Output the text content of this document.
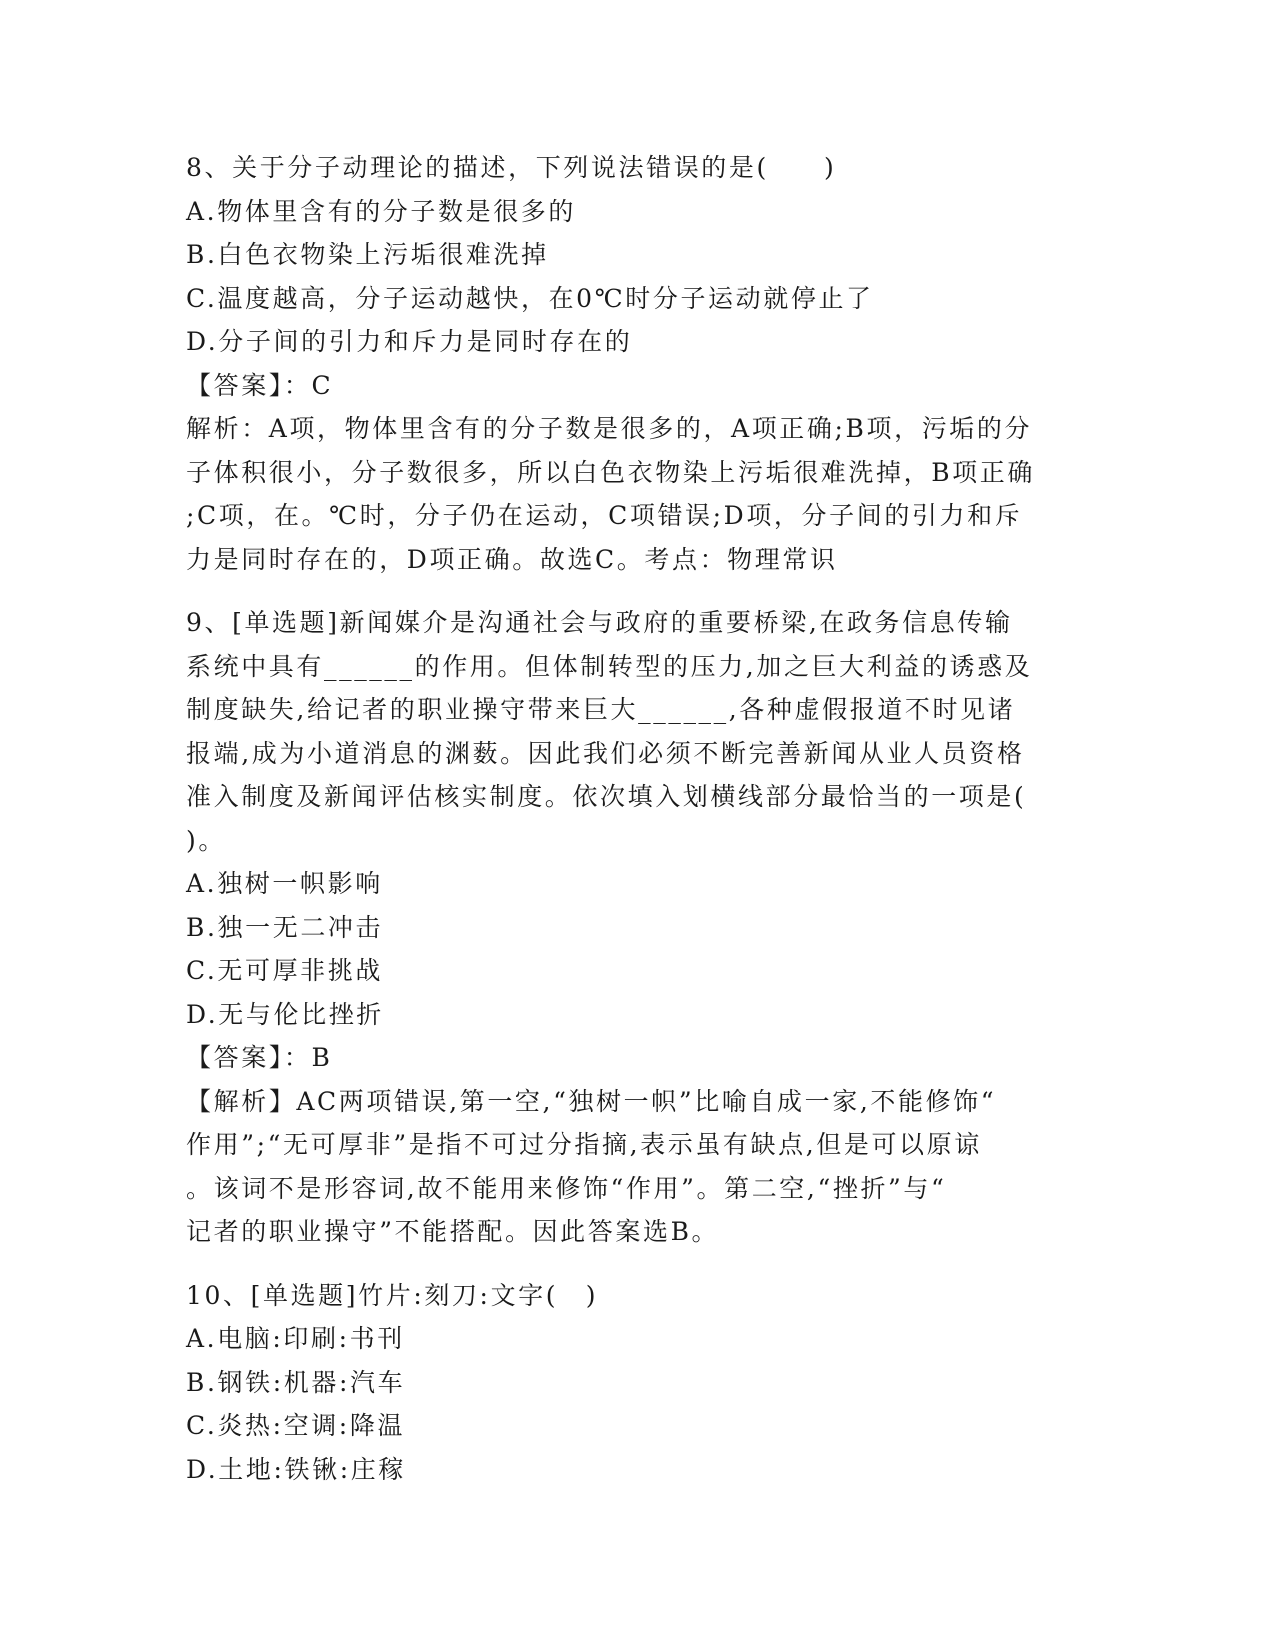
8、关于分子动理论的描述，下列说法错误的是(　　)

A.物体里含有的分子数是很多的

B.白色衣物染上污垢很难洗掉

C.温度越高，分子运动越快，在0℃时分子运动就停止了

D.分子间的引力和斥力是同时存在的

【答案】：C

解析：A项，物体里含有的分子数是很多的，A项正确;B项，污垢的分

子体积很小，分子数很多，所以白色衣物染上污垢很难洗掉，B项正确

;C项，在。℃时，分子仍在运动，C项错误;D项，分子间的引力和斥

力是同时存在的，D项正确。故选C。考点：物理常识

9、[单选题]新闻媒介是沟通社会与政府的重要桥梁,在政务信息传输

系统中具有______的作用。但体制转型的压力,加之巨大利益的诱惑及

制度缺失,给记者的职业操守带来巨大______,各种虚假报道不时见诸

报端,成为小道消息的渊薮。因此我们必须不断完善新闻从业人员资格

准入制度及新闻评估核实制度。依次填入划横线部分最恰当的一项是(

)。

A.独树一帜影响

B.独一无二冲击

C.无可厚非挑战

D.无与伦比挫折

【答案】：B

【解析】AC两项错误,第一空,“独树一帜”比喻自成一家,不能修饰“

作用”;“无可厚非”是指不可过分指摘,表示虽有缺点,但是可以原谅

。该词不是形容词,故不能用来修饰“作用”。第二空,“挫折”与“

记者的职业操守”不能搭配。因此答案选B。

10、[单选题]竹片:刻刀:文字(　)

A.电脑:印刷:书刊

B.钢铁:机器:汽车

C.炎热:空调:降温

D.土地:铁锹:庄稼
